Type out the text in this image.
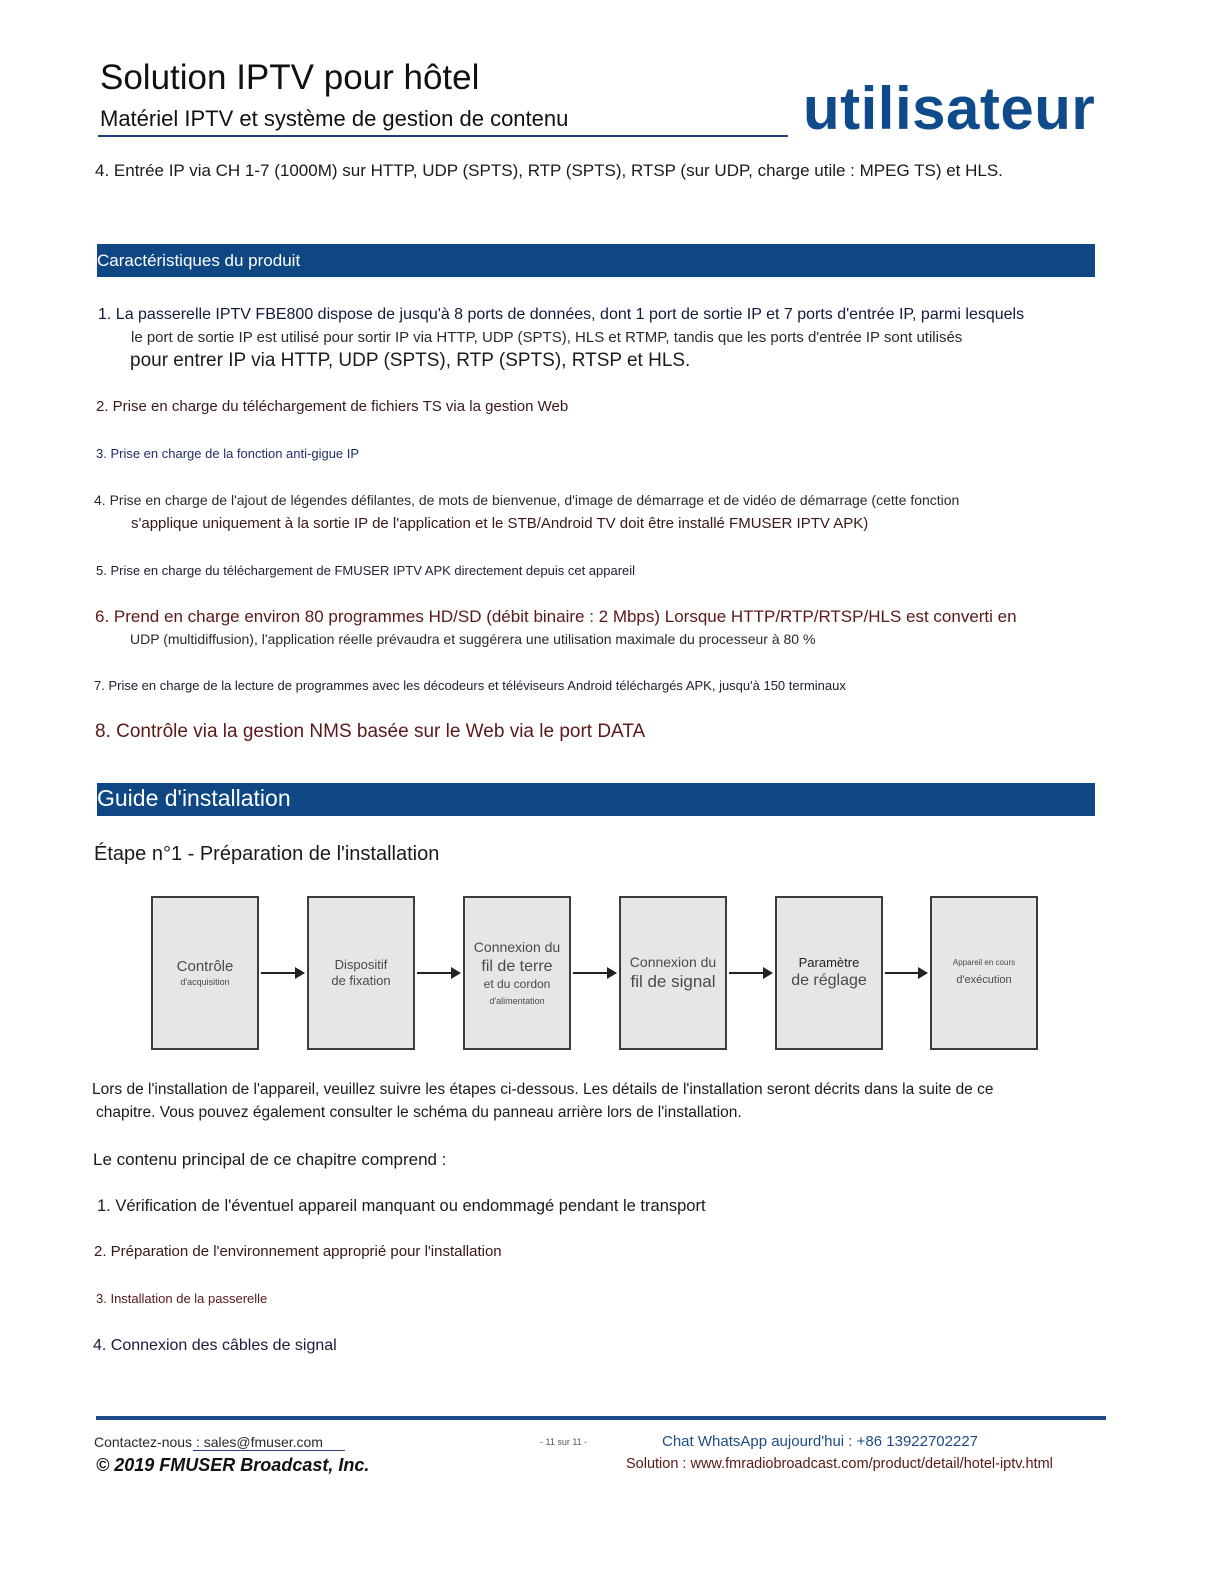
Solution IPTV pour hôtel
Matériel IPTV et système de gestion de contenu	utilisateur
4. Entrée IP via CH 1-7 (1000M) sur HTTP, UDP (SPTS), RTP (SPTS), RTSP (sur UDP, charge utile : MPEG TS) et HLS.
Caractéristiques du produit
1. La passerelle IPTV FBE800 dispose de jusqu'à 8 ports de données, dont 1 port de sortie IP et 7 ports d'entrée IP, parmi lesquels
le port de sortie IP est utilisé pour sortir IP via HTTP, UDP (SPTS), HLS et RTMP, tandis que les ports d'entrée IP sont utilisés
pour entrer IP via HTTP, UDP (SPTS), RTP (SPTS), RTSP et HLS.
2. Prise en charge du téléchargement de fichiers TS via la gestion Web
3. Prise en charge de la fonction anti-gigue IP
4. Prise en charge de l'ajout de légendes défilantes, de mots de bienvenue, d'image de démarrage et de vidéo de démarrage (cette fonction
s'applique uniquement à la sortie IP de l'application et le STB/Android TV doit être installé FMUSER IPTV APK)
5. Prise en charge du téléchargement de FMUSER IPTV APK directement depuis cet appareil
6. Prend en charge environ 80 programmes HD/SD (débit binaire : 2 Mbps) Lorsque HTTP/RTP/RTSP/HLS est converti en
UDP (multidiffusion), l'application réelle prévaudra et suggérera une utilisation maximale du processeur à 80 %
7. Prise en charge de la lecture de programmes avec les décodeurs et téléviseurs Android téléchargés APK, jusqu'à 150 terminaux
8. Contrôle via la gestion NMS basée sur le Web via le port DATA
Guide d'installation
Étape n°1 - Préparation de l'installation
Contrôle
d'acquisition
Dispositif
de fixation
Connexion du
fil de terre
et du cordon
d'alimentation
Connexion du
fil de signal
Paramètre
de réglage
Appareil en cours
d'exécution
Lors de l'installation de l'appareil, veuillez suivre les étapes ci-dessous. Les détails de l'installation seront décrits dans la suite de ce
chapitre. Vous pouvez également consulter le schéma du panneau arrière lors de l'installation.
Le contenu principal de ce chapitre comprend :
1. Vérification de l'éventuel appareil manquant ou endommagé pendant le transport
2. Préparation de l'environnement approprié pour l'installation
3. Installation de la passerelle
4. Connexion des câbles de signal
Contactez-nous : sales@fmuser.com
© 2019 FMUSER Broadcast, Inc.
- 11 sur 11 -	Chat WhatsApp aujourd'hui : +86 13922702227
Solution : www.fmradiobroadcast.com/product/detail/hotel-iptv.html
